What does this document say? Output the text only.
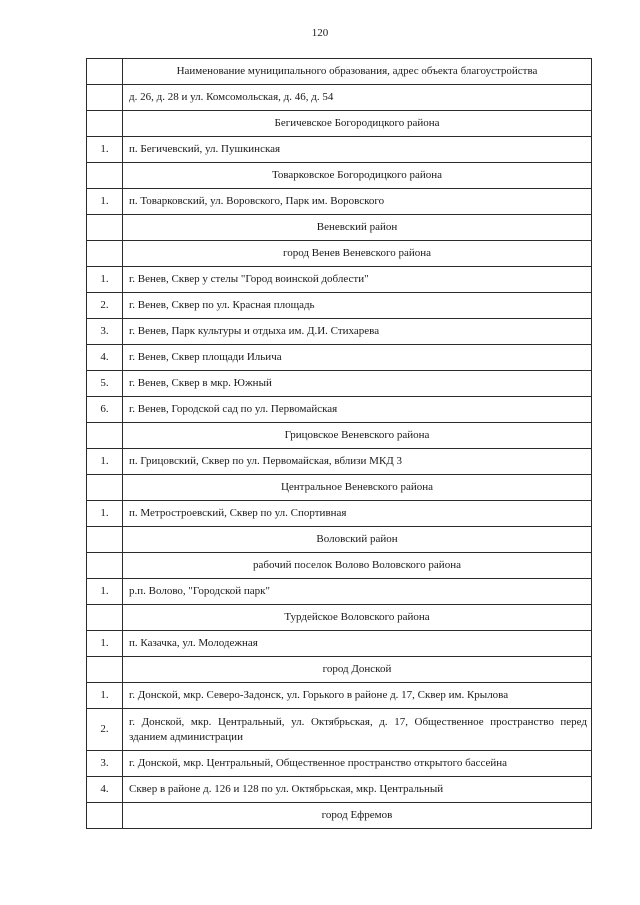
120
	Наименование муниципального образования, адрес объекта благоустройства
	д. 26, д. 28 и ул. Комсомольская, д. 46, д. 54
	Бегичевское Богородицкого района
1.	п. Бегичевский, ул. Пушкинская
	Товарковское Богородицкого района
1.	п. Товарковский, ул. Воровского, Парк им. Воровского
	Веневский район
	город Венев Веневского района
1.	г. Венев, Сквер у стелы "Город воинской доблести"
2.	г. Венев, Сквер по ул. Красная площадь
3.	г. Венев, Парк культуры и отдыха им. Д.И. Стихарева
4.	г. Венев, Сквер площади Ильича
5.	г. Венев, Сквер в мкр. Южный
6.	г. Венев, Городской сад по ул. Первомайская
	Грицовское Веневского района
1.	п. Грицовский, Сквер по ул. Первомайская, вблизи МКД 3
	Центральное Веневского района
1.	п. Метростроевский, Сквер по ул. Спортивная
	Воловский район
	рабочий поселок Волово Воловского района
1.	р.п. Волово, "Городской парк"
	Турдейское Воловского района
1.	п. Казачка, ул. Молодежная
	город Донской
1.	г. Донской, мкр. Северо-Задонск, ул. Горького в районе д. 17, Сквер им. Крылова
2.	г. Донской, мкр. Центральный, ул. Октябрьская, д. 17, Общественное пространство перед зданием администрации
3.	г. Донской, мкр. Центральный, Общественное пространство открытого бассейна
4.	Сквер в районе д. 126 и 128 по ул. Октябрьская, мкр. Центральный
	город Ефремов
